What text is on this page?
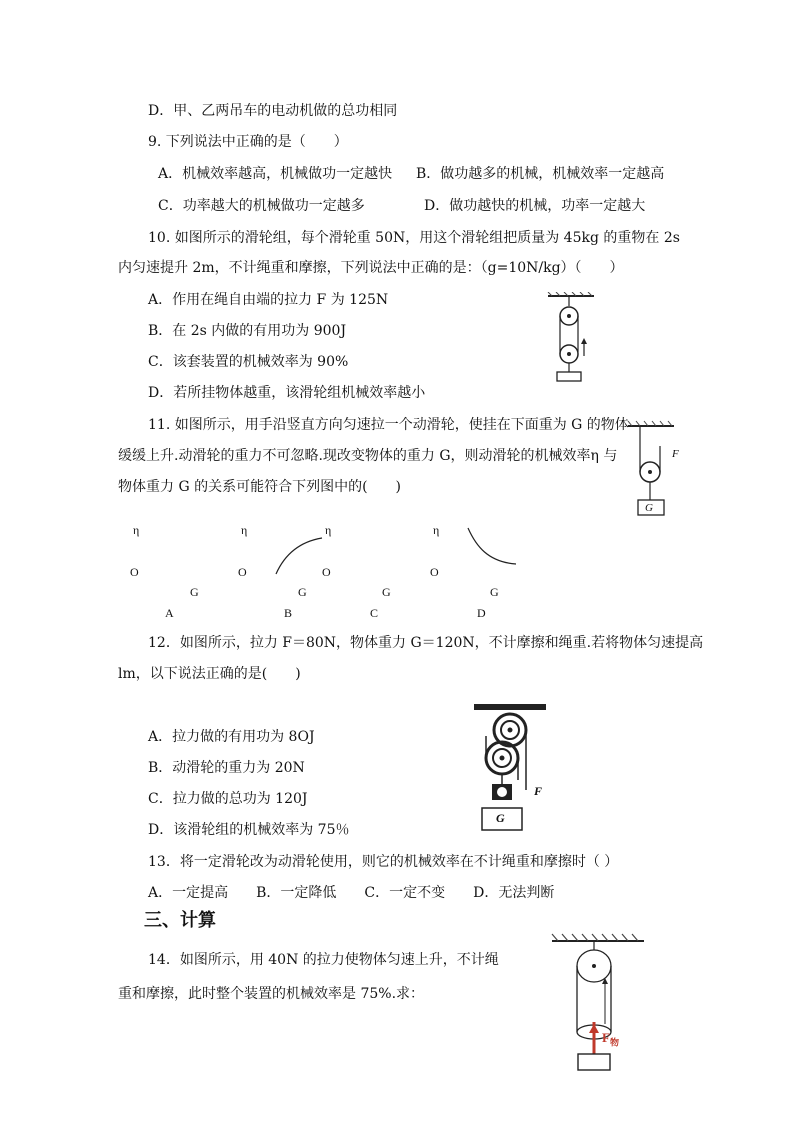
D．甲、乙两吊车的电动机做的总功相同
9. 下列说法中正确的是（　　）
A．机械效率越高，机械做功一定越快 B．做功越多的机械，机械效率一定越高
C．功率越大的机械做功一定越多	D．做功越快的机械，功率一定越大
10. 如图所示的滑轮组，每个滑轮重 50N，用这个滑轮组把质量为 45kg 的重物在 2s
内匀速提升 2m，不计绳重和摩擦，下列说法中正确的是：（g=10N/kg）（　　）
A．作用在绳自由端的拉力 F 为 125N
B．在 2s 内做的有用功为 900J
C．该套装置的机械效率为 90%
D．若所挂物体越重，该滑轮组机械效率越小
11. 如图所示，用手沿竖直方向匀速拉一个动滑轮，使挂在下面重为 G 的物体
缓缓上升.动滑轮的重力不可忽略.现改变物体的重力 G，则动滑轮的机械效率η 与
物体重力 G 的关系可能符合下列图中的(　　)
F
G
η
O
G
A
η
O
G
B
η
O
G
C
η
O
G
D
12．如图所示，拉力 F＝80N，物体重力 G＝120N，不计摩擦和绳重.若将物体匀速提高
lm，以下说法正确的是(　　)
A．拉力做的有用功为 8OJ
B．动滑轮的重力为 20N
C．拉力做的总功为 120J
D．该滑轮组的机械效率为 75％
F
G
13．将一定滑轮改为动滑轮使用，则它的机械效率在不计绳重和摩擦时（ ）
A．一定提高　　B．一定降低　　C．一定不变　　D．无法判断
三、计算
14．如图所示，用 40N 的拉力使物体匀速上升，不计绳
重和摩擦，此时整个装置的机械效率是 75%.求：
$F_物$
